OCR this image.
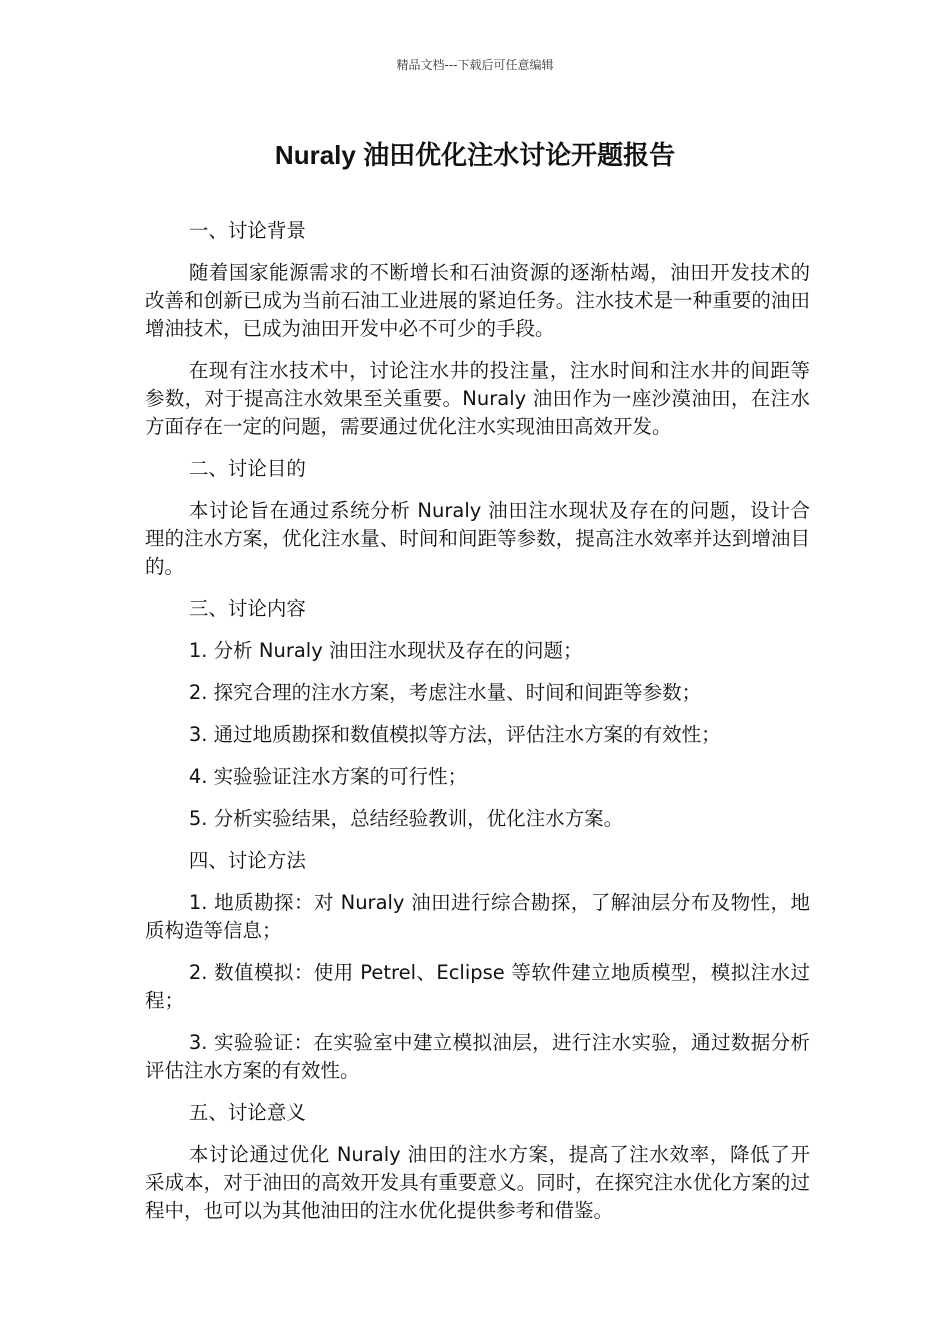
精品文档---下载后可任意编辑
Nuraly 油田优化注水讨论开题报告

一、讨论背景

随着国家能源需求的不断增长和石油资源的逐渐枯竭，油田开发技术的改善和创新已成为当前石油工业进展的紧迫任务。注水技术是一种重要的油田增油技术，已成为油田开发中必不可少的手段。

在现有注水技术中，讨论注水井的投注量，注水时间和注水井的间距等参数，对于提高注水效果至关重要。Nuraly 油田作为一座沙漠油田，在注水方面存在一定的问题，需要通过优化注水实现油田高效开发。

二、讨论目的

本讨论旨在通过系统分析 Nuraly 油田注水现状及存在的问题，设计合理的注水方案，优化注水量、时间和间距等参数，提高注水效率并达到增油目的。

三、讨论内容

1. 分析 Nuraly 油田注水现状及存在的问题；

2. 探究合理的注水方案，考虑注水量、时间和间距等参数；

3. 通过地质勘探和数值模拟等方法，评估注水方案的有效性；

4. 实验验证注水方案的可行性；

5. 分析实验结果，总结经验教训，优化注水方案。

四、讨论方法

1. 地质勘探：对 Nuraly 油田进行综合勘探，了解油层分布及物性，地质构造等信息；

2. 数值模拟：使用 Petrel、Eclipse 等软件建立地质模型，模拟注水过程；

3. 实验验证：在实验室中建立模拟油层，进行注水实验，通过数据分析评估注水方案的有效性。

五、讨论意义

本讨论通过优化 Nuraly 油田的注水方案，提高了注水效率，降低了开采成本，对于油田的高效开发具有重要意义。同时，在探究注水优化方案的过程中，也可以为其他油田的注水优化提供参考和借鉴。
